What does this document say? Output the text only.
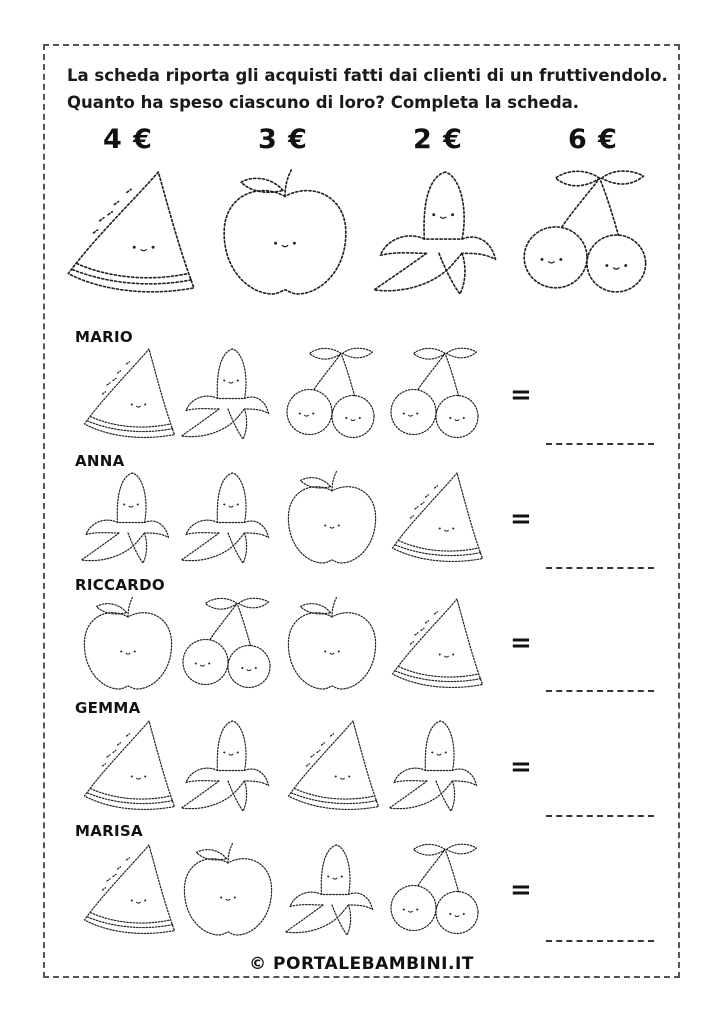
La scheda riporta gli acquisti fatti dai clienti di un fruttivendolo.
Quanto ha speso ciascuno di loro? Completa la scheda.
4 €	3 €	2 €	6 €
MARIO
ANNA
RICCARDO
GEMMA
MARISA
=
=
=
=
=
© PORTALEBAMBINI.IT
